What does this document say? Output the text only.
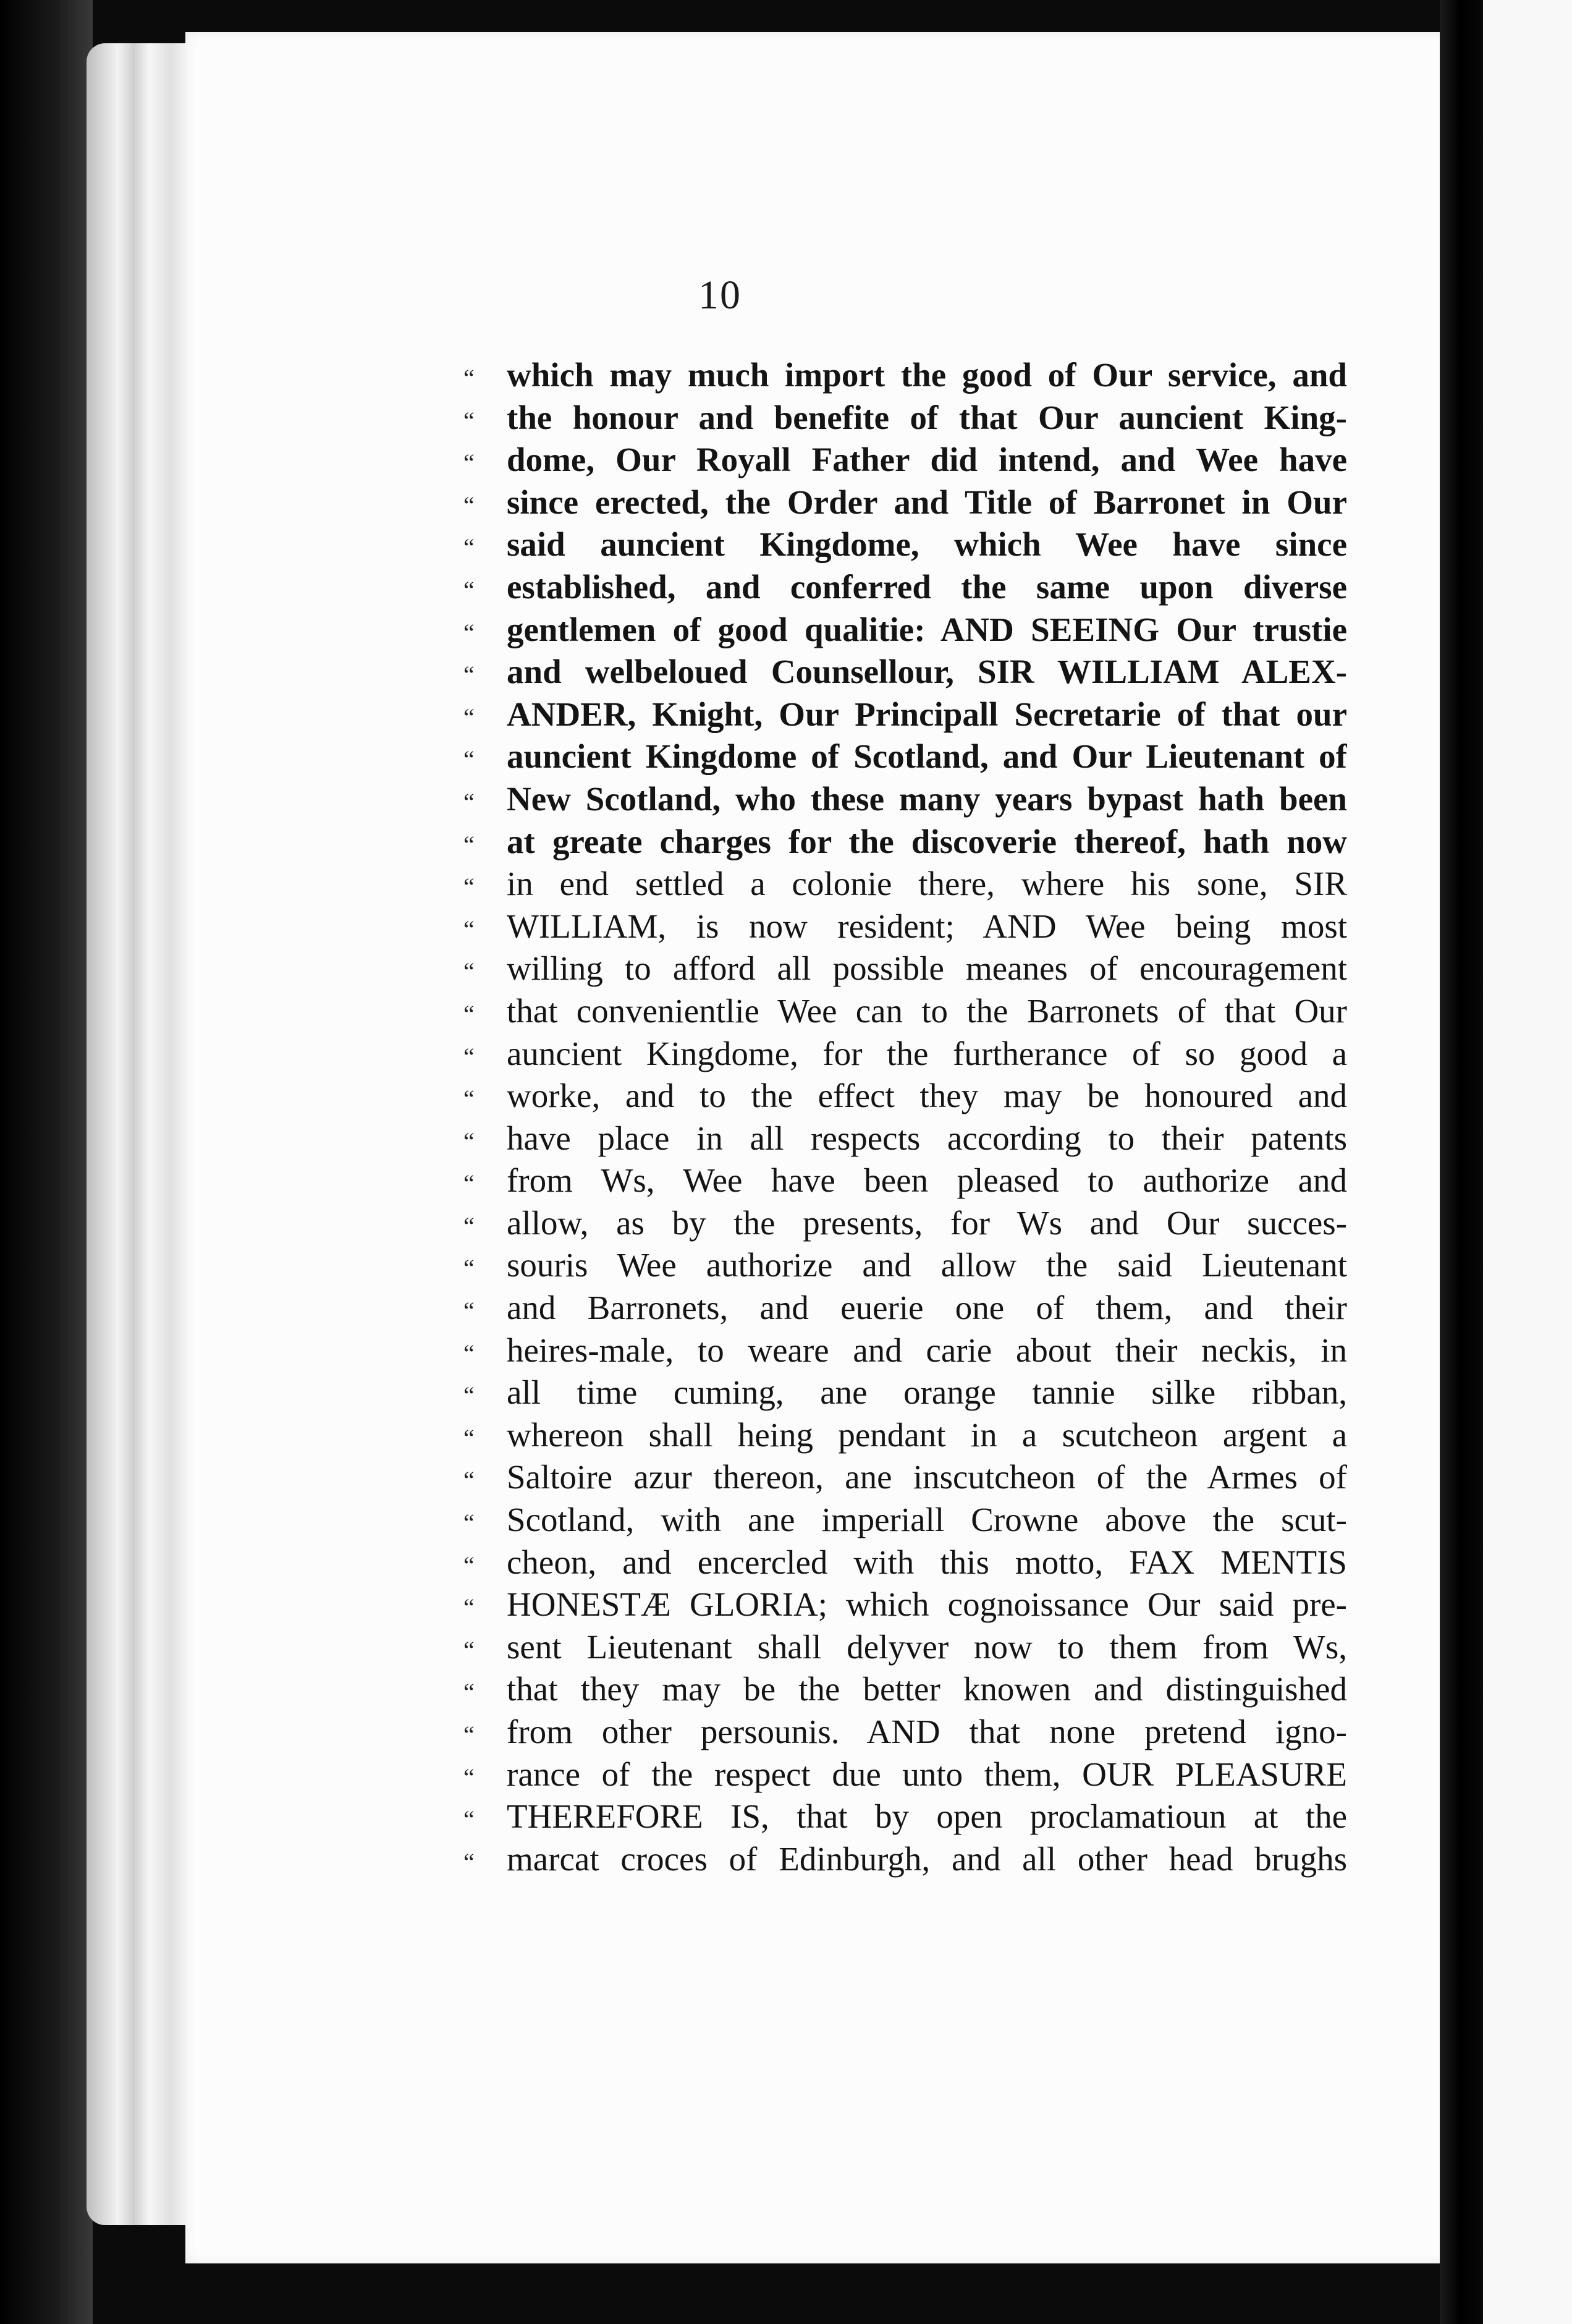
10
“ which may much import the good of Our service, and
“ the honour and benefite of that Our auncient King-
“ dome, Our Royall Father did intend, and Wee have
“ since erected, the Order and Title of Barronet in Our
“ said auncient Kingdome, which Wee have since
“ established, and conferred the same upon diverse
“ gentlemen of good qualitie: AND SEEING Our trustie
“ and welbeloued Counsellour, SIR WILLIAM ALEX-
“ ANDER, Knight, Our Principall Secretarie of that our
“ auncient Kingdome of Scotland, and Our Lieutenant of
“ New Scotland, who these many years bypast hath been
“ at greate charges for the discoverie thereof, hath now
“ in end settled a colonie there, where his sone, SIR
“ WILLIAM, is now resident; AND Wee being most
“ willing to afford all possible meanes of encouragement
“ that convenientlie Wee can to the Barronets of that Our
“ auncient Kingdome, for the furtherance of so good a
“ worke, and to the effect they may be honoured and
“ have place in all respects according to their patents
“ from Ws, Wee have been pleased to authorize and
“ allow, as by the presents, for Ws and Our succes-
“ souris Wee authorize and allow the said Lieutenant
“ and Barronets, and euerie one of them, and their
“ heires-male, to weare and carie about their neckis, in
“ all time cuming, ane orange tannie silke ribban,
“ whereon shall heing pendant in a scutcheon argent a
“ Saltoire azur thereon, ane inscutcheon of the Armes of
“ Scotland, with ane imperiall Crowne above the scut-
“ cheon, and encercled with this motto, FAX MENTIS
“ HONESTÆ GLORIA; which cognoissance Our said pre-
“ sent Lieutenant shall delyver now to them from Ws,
“ that they may be the better knowen and distinguished
“ from other persounis. AND that none pretend igno-
“ rance of the respect due unto them, OUR PLEASURE
“ THEREFORE IS, that by open proclamatioun at the
“ marcat croces of Edinburgh, and all other head brughs
